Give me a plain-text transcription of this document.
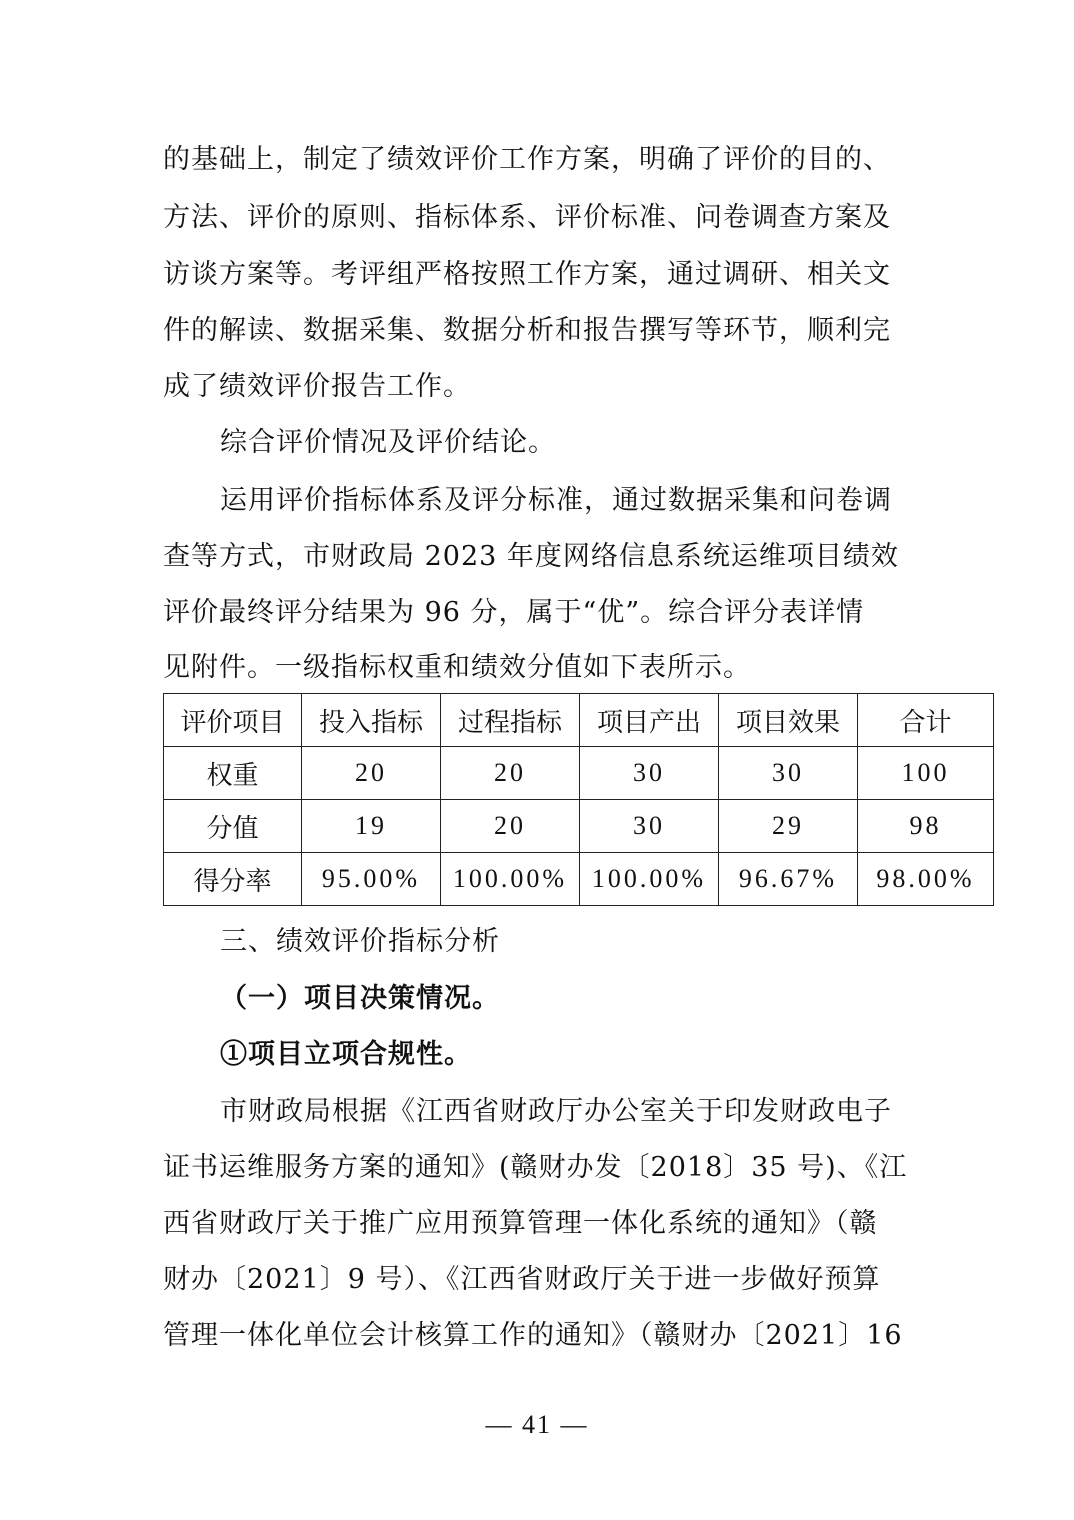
的基础上，制定了绩效评价工作方案，明确了评价的目的、
方法、评价的原则、指标体系、评价标准、问卷调查方案及
访谈方案等。考评组严格按照工作方案，通过调研、相关文
件的解读、数据采集、数据分析和报告撰写等环节，顺利完
成了绩效评价报告工作。
综合评价情况及评价结论。
运用评价指标体系及评分标准，通过数据采集和问卷调
查等方式，市财政局 2023 年度网络信息系统运维项目绩效
评价最终评分结果为 96 分，属于“优”。综合评分表详情
见附件。一级指标权重和绩效分值如下表所示。
评价项目	投入指标	过程指标	项目产出	项目效果	合计
权重	20	20	30	30	100
分值	19	20	30	29	98
得分率	95.00%	100.00%	100.00%	96.67%	98.00%
三、绩效评价指标分析
（一）项目决策情况。
①项目立项合规性。
市财政局根据《江西省财政厅办公室关于印发财政电子
证书运维服务方案的通知》(赣财办发〔2018〕35 号)、《江
西省财政厅关于推广应用预算管理一体化系统的通知》（赣
财办〔2021〕9 号）、《江西省财政厅关于进一步做好预算
管理一体化单位会计核算工作的通知》（赣财办〔2021〕16
— 41 —
